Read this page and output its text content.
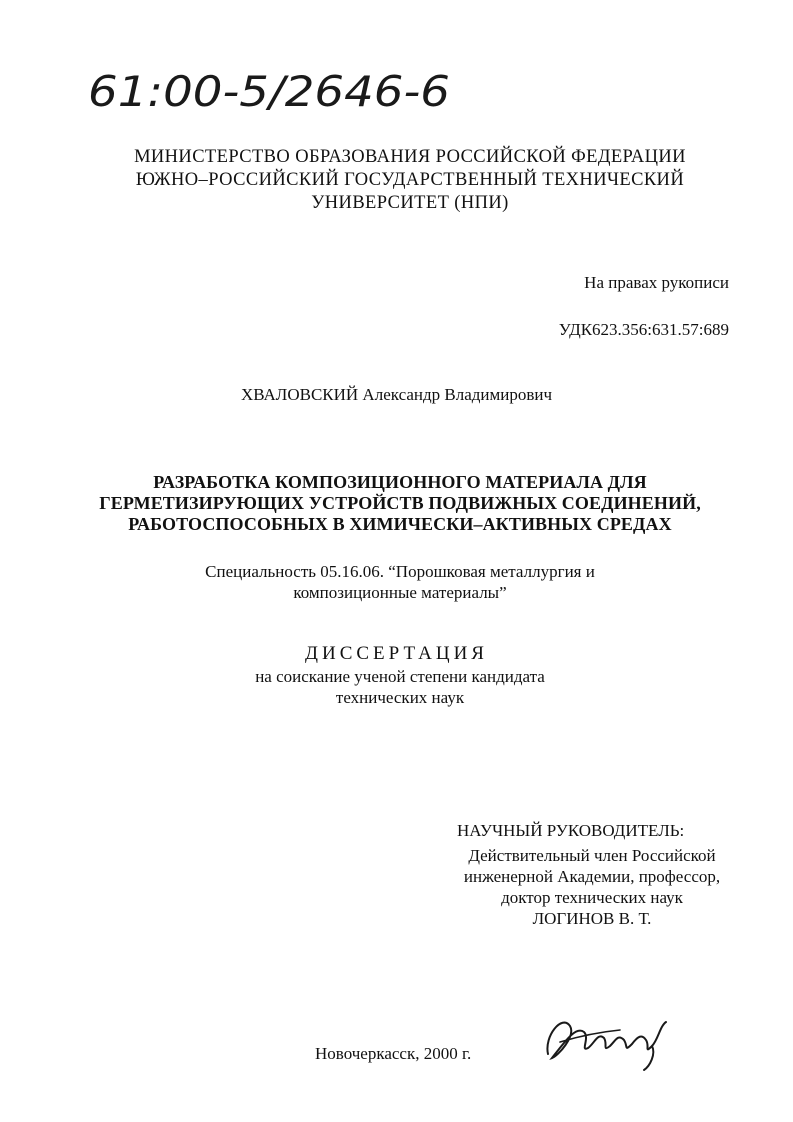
61:00-5/2646-6
МИНИСТЕРСТВО ОБРАЗОВАНИЯ РОССИЙСКОЙ ФЕДЕРАЦИИ
ЮЖНО–РОССИЙСКИЙ ГОСУДАРСТВЕННЫЙ ТЕХНИЧЕСКИЙ
УНИВЕРСИТЕТ (НПИ)
На правах рукописи
УДК623.356:631.57:689
ХВАЛОВСКИЙ Александр Владимирович
РАЗРАБОТКА КОМПОЗИЦИОННОГО МАТЕРИАЛА ДЛЯ
ГЕРМЕТИЗИРУЮЩИХ УСТРОЙСТВ ПОДВИЖНЫХ СОЕДИНЕНИЙ,
РАБОТОСПОСОБНЫХ В ХИМИЧЕСКИ–АКТИВНЫХ СРЕДАХ
Специальность 05.16.06. “Порошковая металлургия и
композиционные материалы”
ДИССЕРТАЦИЯ
на соискание ученой степени кандидата
технических наук
НАУЧНЫЙ РУКОВОДИТЕЛЬ:
Действительный член Российской
инженерной Академии, профессор,
доктор технических наук
ЛОГИНОВ В. Т.
Новочеркасск, 2000 г.
